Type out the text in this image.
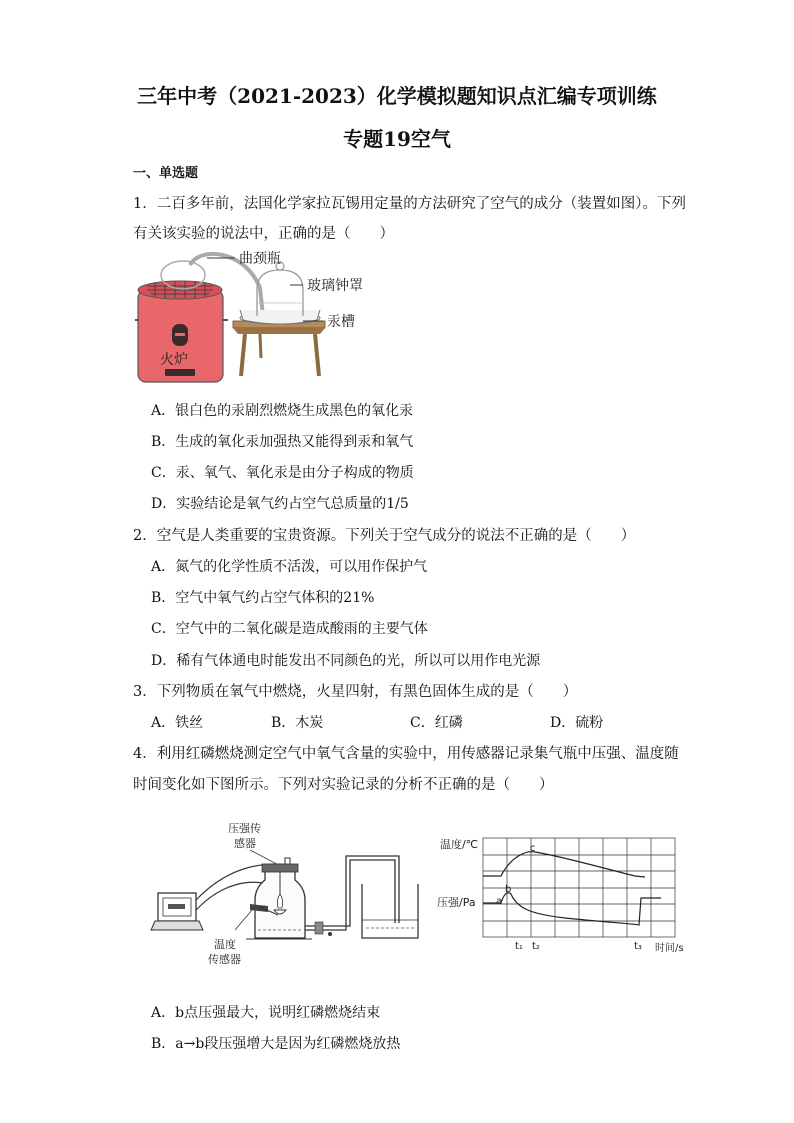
三年中考（2021-2023）化学模拟题知识点汇编专项训练
专题19空气
一、单选题
1．二百多年前，法国化学家拉瓦锡用定量的方法研究了空气的成分（装置如图）。下列
有关该实验的说法中，正确的是（　　）
火炉
曲颈瓶
玻璃钟罩
汞槽
A．银白色的汞剧烈燃烧生成黑色的氧化汞
B．生成的氧化汞加强热又能得到汞和氧气
C．汞、氧气、氧化汞是由分子构成的物质
D．实验结论是氧气约占空气总质量的1/5
2．空气是人类重要的宝贵资源。下列关于空气成分的说法不正确的是（　　）
A．氮气的化学性质不活泼，可以用作保护气
B．空气中氧气约占空气体积的21%
C．空气中的二氧化碳是造成酸雨的主要气体
D．稀有气体通电时能发出不同颜色的光，所以可以用作电光源
3．下列物质在氧气中燃烧，火星四射，有黑色固体生成的是（　　）
A．铁丝	B．木炭	C．红磷	D．硫粉
4．利用红磷燃烧测定空气中氧气含量的实验中，用传感器记录集气瓶中压强、温度随
时间变化如下图所示。下列对实验记录的分析不正确的是（　　）
压强传
感器
温度
传感器
温度/℃
压强/Pa a
b
c
t₁ t₂	t₃ 时间/s
A．b点压强最大，说明红磷燃烧结束
B．a→b段压强增大是因为红磷燃烧放热
